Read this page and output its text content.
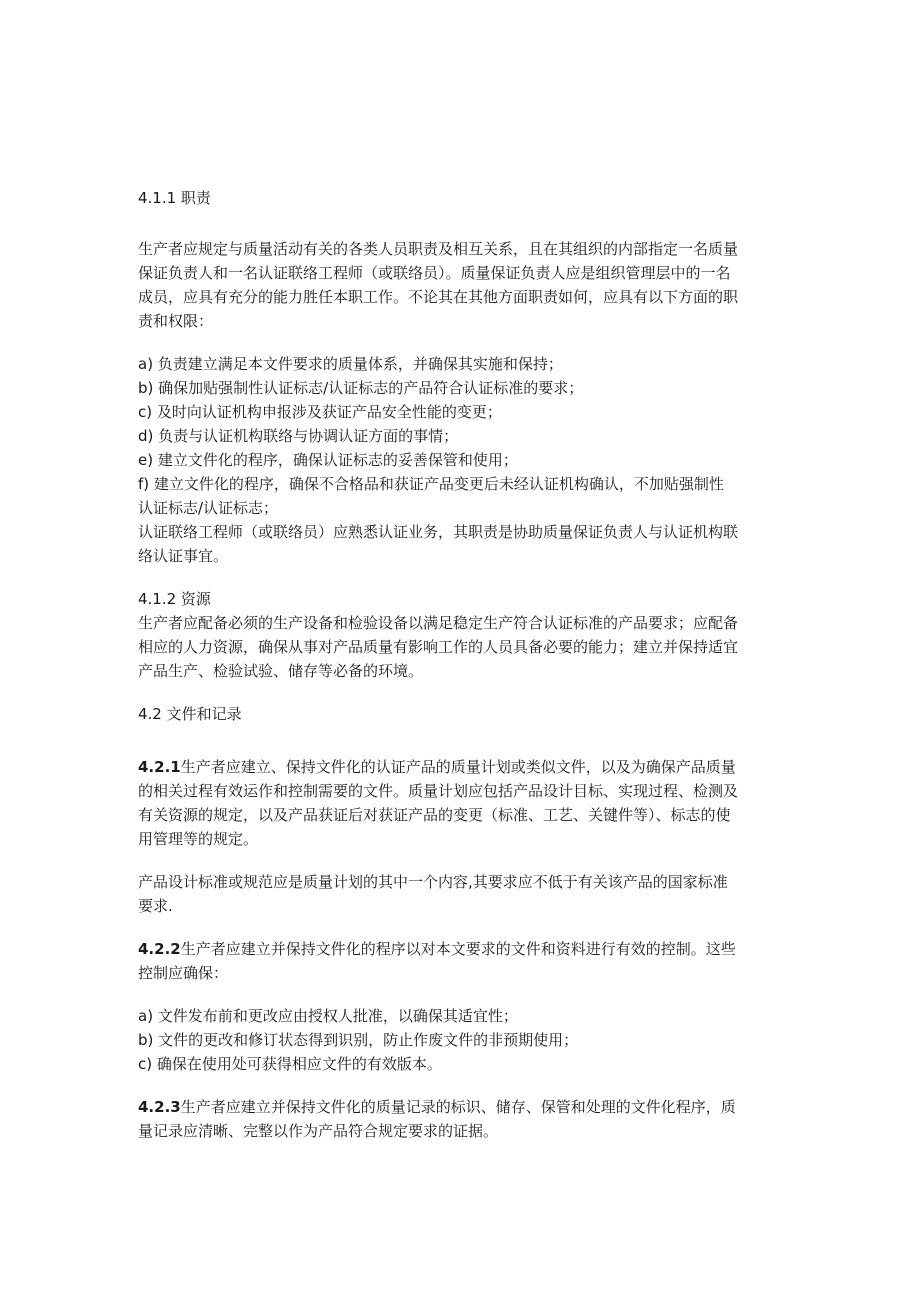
4.1.1 职责
生产者应规定与质量活动有关的各类人员职责及相互关系，且在其组织的内部指定一名质量
保证负责人和一名认证联络工程师（或联络员）。质量保证负责人应是组织管理层中的一名
成员，应具有充分的能力胜任本职工作。不论其在其他方面职责如何，应具有以下方面的职
责和权限：
a) 负责建立满足本文件要求的质量体系，并确保其实施和保持；
b) 确保加贴强制性认证标志/认证标志的产品符合认证标准的要求；
c) 及时向认证机构申报涉及获证产品安全性能的变更；
d) 负责与认证机构联络与协调认证方面的事情；
e) 建立文件化的程序，确保认证标志的妥善保管和使用；
f) 建立文件化的程序，确保不合格品和获证产品变更后未经认证机构确认，不加贴强制性
认证标志/认证标志；
认证联络工程师（或联络员）应熟悉认证业务，其职责是协助质量保证负责人与认证机构联
络认证事宜。
4.1.2 资源
生产者应配备必须的生产设备和检验设备以满足稳定生产符合认证标准的产品要求；应配备
相应的人力资源，确保从事对产品质量有影响工作的人员具备必要的能力；建立并保持适宜
产品生产、检验试验、储存等必备的环境。
4.2 文件和记录
4.2.1生产者应建立、保持文件化的认证产品的质量计划或类似文件，以及为确保产品质量
的相关过程有效运作和控制需要的文件。质量计划应包括产品设计目标、实现过程、检测及
有关资源的规定，以及产品获证后对获证产品的变更（标准、工艺、关键件等）、标志的使
用管理等的规定。
产品设计标准或规范应是质量计划的其中一个内容,其要求应不低于有关该产品的国家标准
要求.
4.2.2生产者应建立并保持文件化的程序以对本文要求的文件和资料进行有效的控制。这些
控制应确保：
a) 文件发布前和更改应由授权人批准，以确保其适宜性；
b) 文件的更改和修订状态得到识别，防止作废文件的非预期使用；
c) 确保在使用处可获得相应文件的有效版本。
4.2.3生产者应建立并保持文件化的质量记录的标识、储存、保管和处理的文件化程序，质
量记录应清晰、完整以作为产品符合规定要求的证据。
